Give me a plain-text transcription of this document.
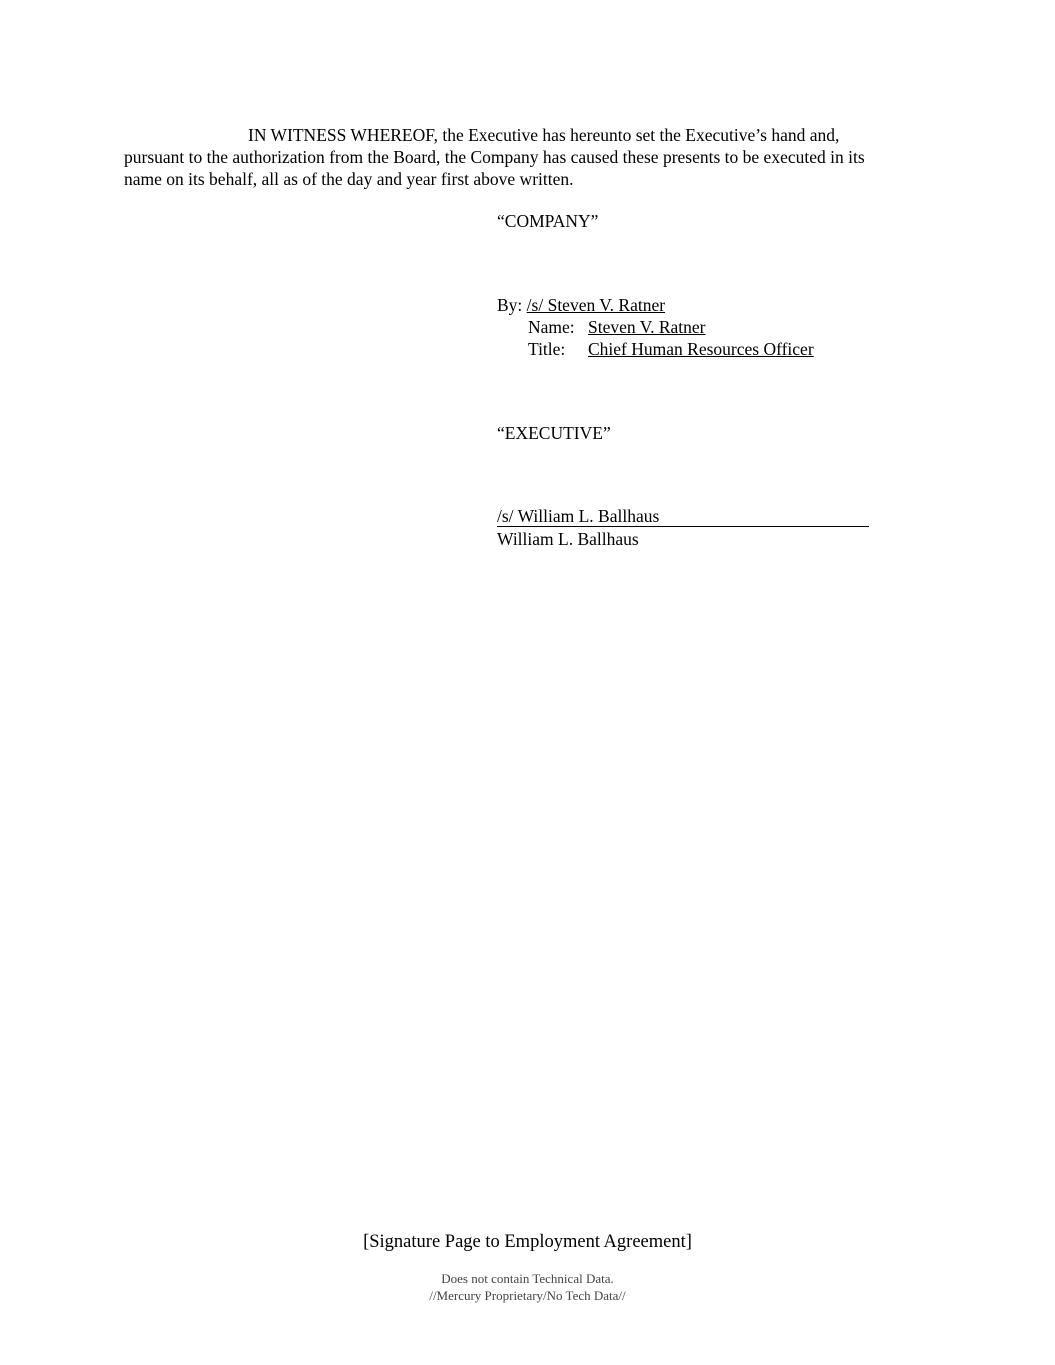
IN WITNESS WHEREOF, the Executive has hereunto set the Executive’s hand and,
pursuant to the authorization from the Board, the Company has caused these presents to be executed in its
name on its behalf, all as of the day and year first above written.
“COMPANY”
By: /s/ Steven V. Ratner
Name: Steven V. Ratner
Title: Chief Human Resources Officer
“EXECUTIVE”
/s/ William L. Ballhaus
William L. Ballhaus
[Signature Page to Employment Agreement]
Does not contain Technical Data.
//Mercury Proprietary/No Tech Data//
